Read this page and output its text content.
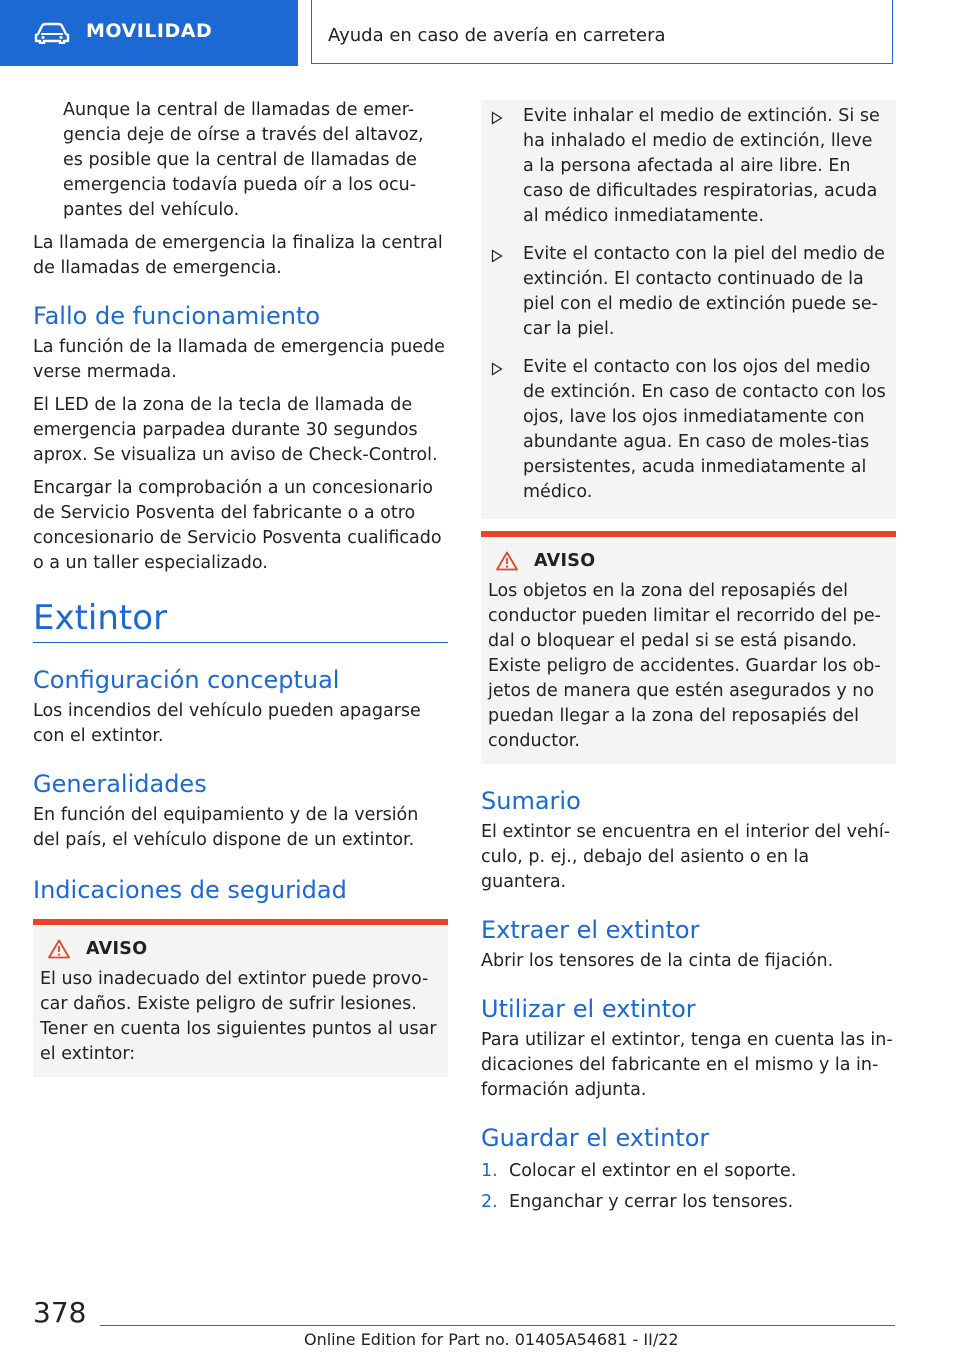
MOVILIDAD	Ayuda en caso de avería en carretera

Aunque la central de llamadas de emer-gencia deje de oírse a través del altavoz, es posible que la central de llamadas de emergencia todavía pueda oír a los ocu-pantes del vehículo.

La llamada de emergencia la finaliza la central de llamadas de emergencia.

Fallo de funcionamiento

La función de la llamada de emergencia puede verse mermada.

El LED de la zona de la tecla de llamada de emergencia parpadea durante 30 segundos aprox. Se visualiza un aviso de Check-Control.

Encargar la comprobación a un concesionario de Servicio Posventa del fabricante o a otro concesionario de Servicio Posventa cualificado o a un taller especializado.

Extintor
Configuración conceptual

Los incendios del vehículo pueden apagarse con el extintor.

Generalidades

En función del equipamiento y de la versión del país, el vehículo dispone de un extintor.

Indicaciones de seguridad
AVISO

El uso inadecuado del extintor puede provo-car daños. Existe peligro de sufrir lesiones. Tener en cuenta los siguientes puntos al usar el extintor:

Evite inhalar el medio de extinción. Si se ha inhalado el medio de extinción, lleve a la persona afectada al aire libre. En caso de dificultades respiratorias, acuda al médico inmediatamente.

Evite el contacto con la piel del medio de extinción. El contacto continuado de la piel con el medio de extinción puede se-car la piel.

Evite el contacto con los ojos del medio de extinción. En caso de contacto con los ojos, lave los ojos inmediatamente con abundante agua. En caso de moles-tias persistentes, acuda inmediatamente al médico.

AVISO

Los objetos en la zona del reposapiés del conductor pueden limitar el recorrido del pe-dal o bloquear el pedal si se está pisando. Existe peligro de accidentes. Guardar los ob-jetos de manera que estén asegurados y no puedan llegar a la zona del reposapiés del conductor.

Sumario

El extintor se encuentra en el interior del vehí-culo, p. ej., debajo del asiento o en la guantera.

Extraer el extintor

Abrir los tensores de la cinta de fijación.

Utilizar el extintor

Para utilizar el extintor, tenga en cuenta las in-dicaciones del fabricante en el mismo y la in-formación adjunta.

Guardar el extintor
1. Colocar el extintor en el soporte.

2. Enganchar y cerrar los tensores.

378
Online Edition for Part no. 01405A54681 - II/22
